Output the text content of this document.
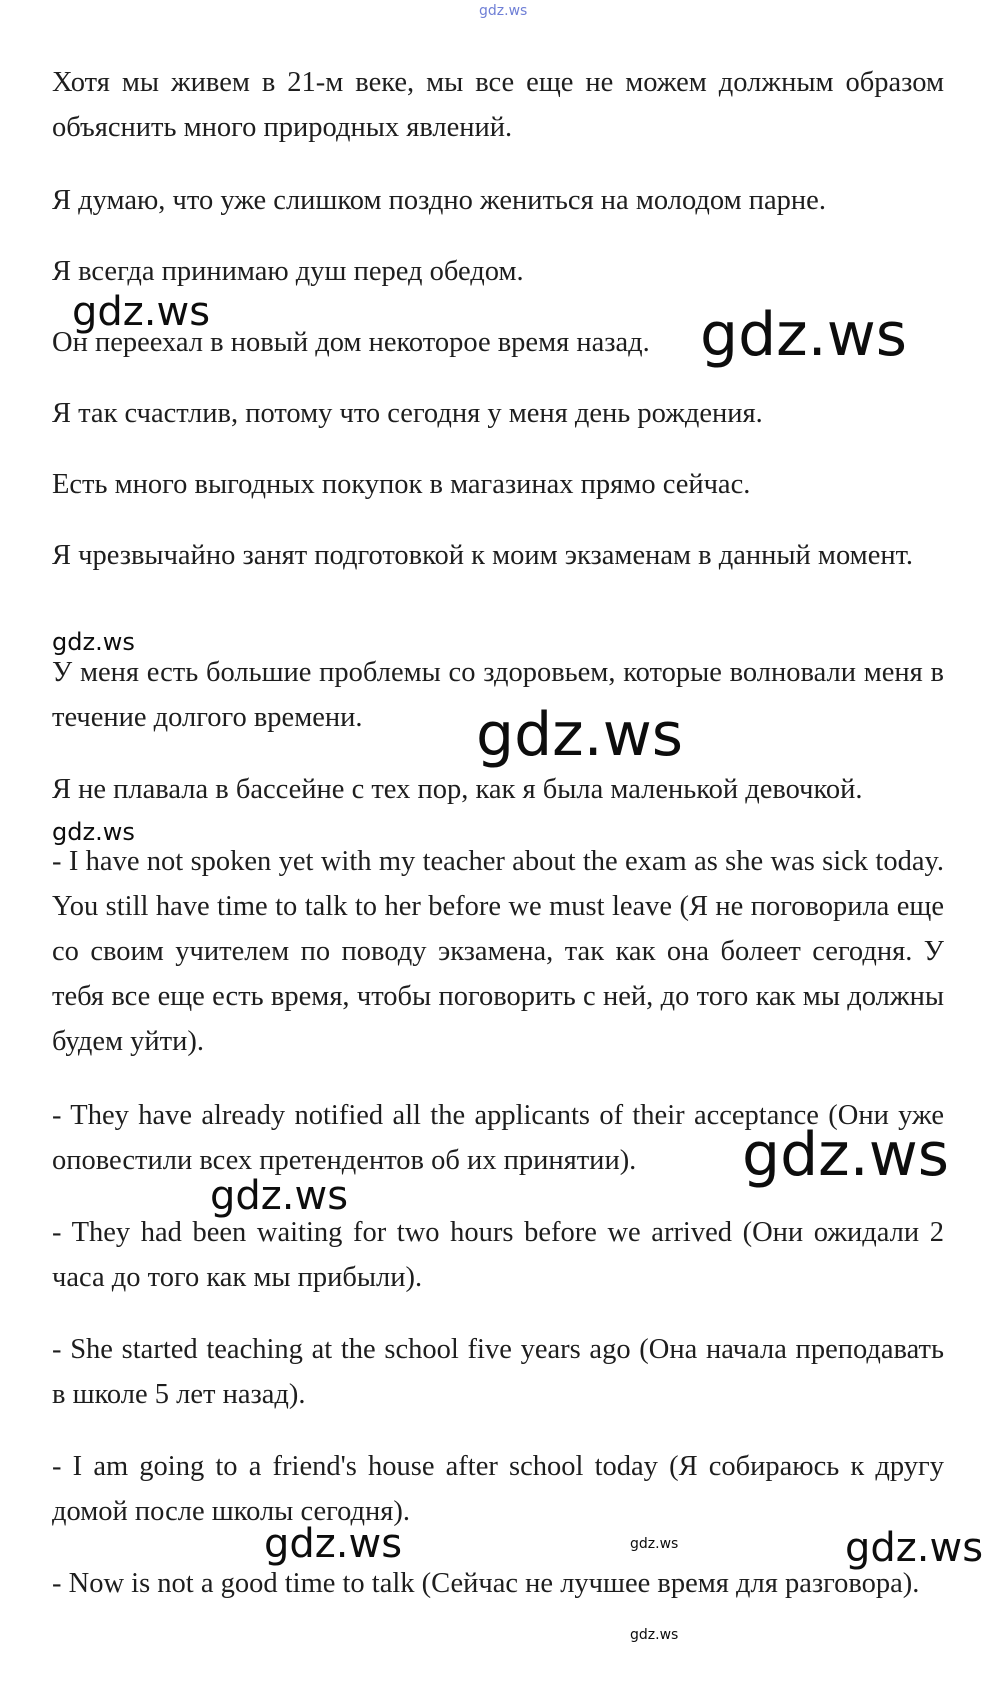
gdz.ws

Хотя мы живем в 21-м веке, мы все еще не можем должным образом объяснить много природных явлений.

Я думаю, что уже слишком поздно жениться на молодом парне.

Я всегда принимаю душ перед обедом.

gdz.ws

Он переехал в новый дом некоторое время назад. gdz.ws

Я так счастлив, потому что сегодня у меня день рождения.

Есть много выгодных покупок в магазинах прямо сейчас.

Я чрезвычайно занят подготовкой к моим экзаменам в данный момент.

gdz.ws

У меня есть большие проблемы со здоровьем, которые волновали меня в течение долгого времени.	gdz.ws

Я не плавала в бассейне с тех пор, как я была маленькой девочкой.

gdz.ws

- I have not spoken yet with my teacher about the exam as she was sick today. You still have time to talk to her before we must leave (Я не поговорила еще со своим учителем по поводу экзамена, так как она болеет сегодня. У тебя все еще есть время, чтобы поговорить с ней, до того как мы должны будем уйти).

- They have already notified all the applicants of their acceptance (Они уже оповестили всех претендентов об их принятии).	gdz.ws
gdz.ws

- They had been waiting for two hours before we arrived (Они ожидали 2 часа до того как мы прибыли).

- She started teaching at the school five years ago (Она начала преподавать в школе 5 лет назад).

- I am going to a friend's house after school today (Я собираюсь к другу домой после школы сегодня).

gdz.ws	gdz.ws	gdz.ws

- Now is not a good time to talk (Сейчас не лучшее время для разговора).

gdz.ws
